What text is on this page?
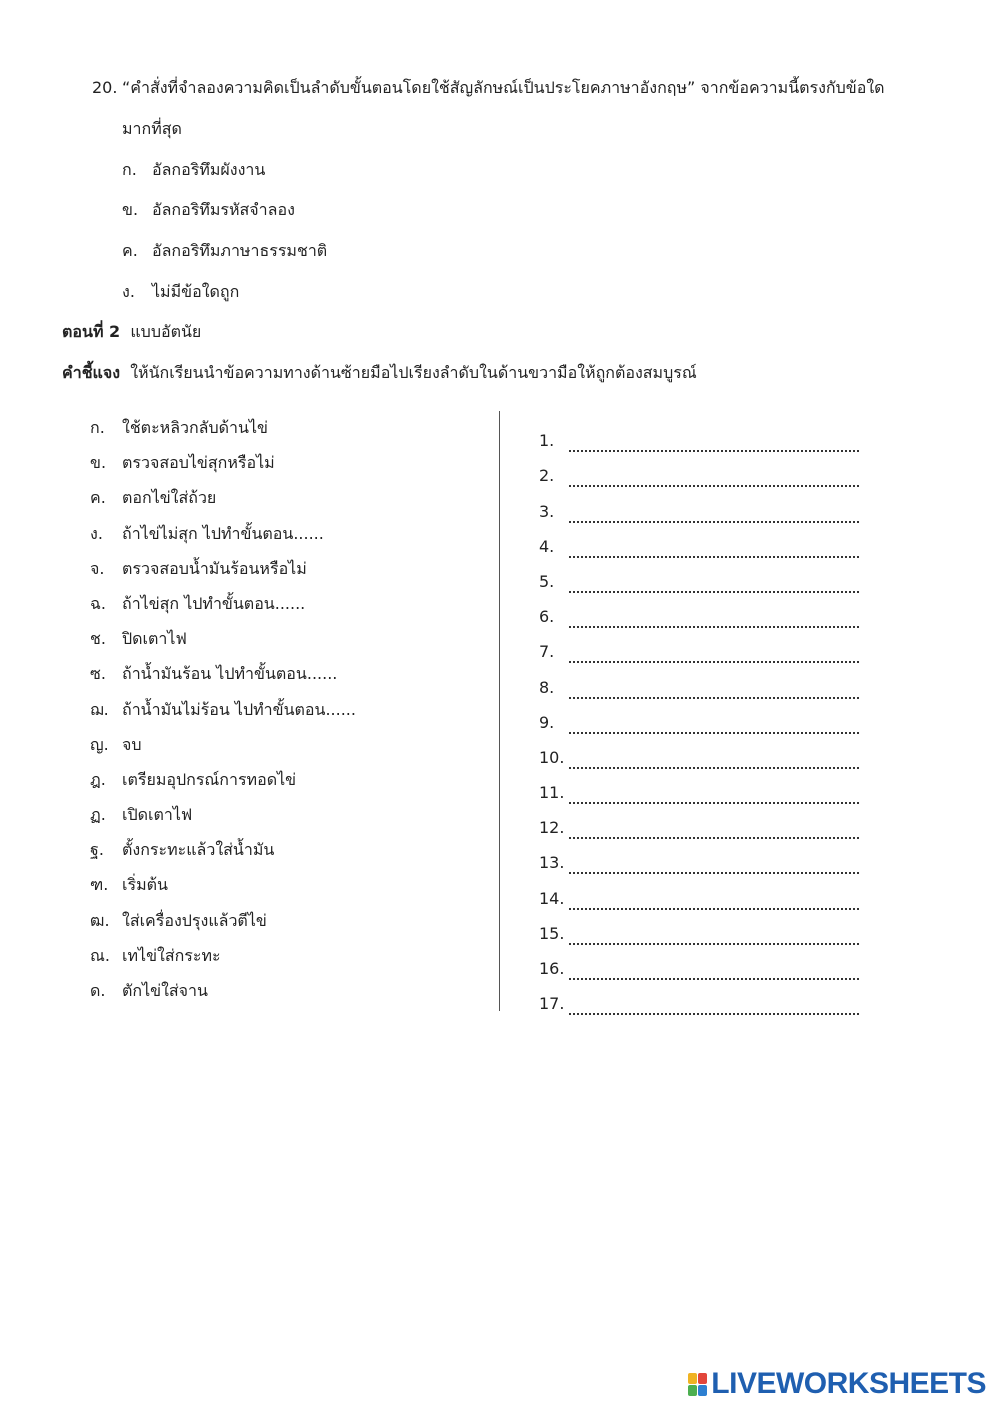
20. “คำสั่งที่จำลองความคิดเป็นลำดับขั้นตอนโดยใช้สัญลักษณ์เป็นประโยคภาษาอังกฤษ” จากข้อความนี้ตรงกับข้อใด
มากที่สุด
ก. อัลกอริทึมผังงาน
ข. อัลกอริทึมรหัสจำลอง
ค. อัลกอริทึมภาษาธรรมชาติ
ง. ไม่มีข้อใดถูก
ตอนที่ 2 แบบอัตนัย
คำชี้แจง ให้นักเรียนนำข้อความทางด้านซ้ายมือไปเรียงลำดับในด้านขวามือให้ถูกต้องสมบูรณ์
ก. ใช้ตะหลิวกลับด้านไข่
ข. ตรวจสอบไข่สุกหรือไม่
ค. ตอกไข่ใส่ถ้วย
ง. ถ้าไข่ไม่สุก ไปทำขั้นตอน......
จ. ตรวจสอบน้ำมันร้อนหรือไม่
ฉ. ถ้าไข่สุก ไปทำขั้นตอน......
ช. ปิดเตาไฟ
ซ. ถ้าน้ำมันร้อน ไปทำขั้นตอน......
ฌ. ถ้าน้ำมันไม่ร้อน ไปทำขั้นตอน......
ญ. จบ
ฎ. เตรียมอุปกรณ์การทอดไข่
ฏ. เปิดเตาไฟ
ฐ. ตั้งกระทะแล้วใส่น้ำมัน
ฑ. เริ่มต้น
ฒ. ใส่เครื่องปรุงแล้วตีไข่
ณ. เทไข่ใส่กระทะ
ด. ตักไข่ใส่จาน
1.
2.
3.
4.
5.
6.
7.
8.
9.
10.
11.
12.
13.
14.
15.
16.
17.
LIVEWORKSHEETS
